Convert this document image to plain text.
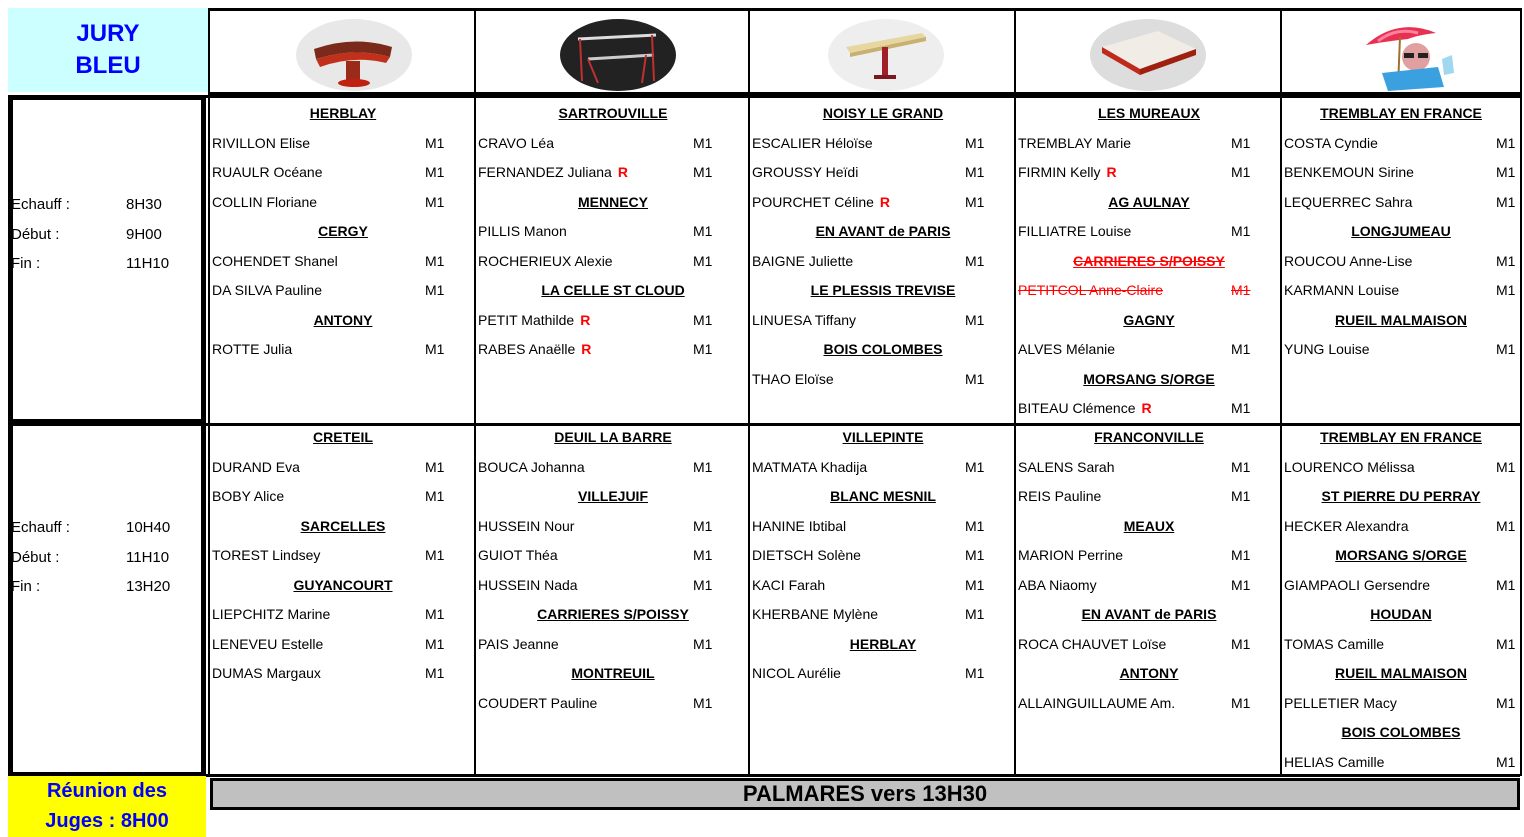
JURY
BLEU
Echauff :	8H30
Début :	9H00
Fin :	11H10
HERBLAY
RIVILLON Elise	M1
RUAULR Océane	M1
COLLIN Floriane	M1
CERGY
COHENDET Shanel	M1
DA SILVA Pauline	M1
ANTONY
ROTTE Julia	M1
SARTROUVILLE
CRAVO Léa	M1
FERNANDEZ Juliana R	M1
MENNECY
PILLIS Manon	M1
ROCHERIEUX Alexie	M1
LA CELLE ST CLOUD
PETIT Mathilde R	M1
RABES Anaëlle R	M1
NOISY LE GRAND
ESCALIER Héloïse	M1
GROUSSY Heïdi	M1
POURCHET Céline R	M1
EN AVANT de PARIS
BAIGNE Juliette	M1
LE PLESSIS TREVISE
LINUESA Tiffany	M1
BOIS COLOMBES
THAO Eloïse	M1
LES MUREAUX
TREMBLAY Marie	M1
FIRMIN Kelly R	M1
AG AULNAY
FILLIATRE Louise	M1
CARRIERES S/POISSY
PETITCOL Anne-Claire	M1
GAGNY
ALVES Mélanie	M1
MORSANG S/ORGE
BITEAU Clémence R	M1
TREMBLAY EN FRANCE
COSTA Cyndie	M1
BENKEMOUN Sirine	M1
LEQUERREC Sahra	M1
LONGJUMEAU
ROUCOU Anne-Lise	M1
KARMANN Louise	M1
RUEIL MALMAISON
YUNG Louise	M1
Echauff :	10H40
Début :	11H10
Fin :	13H20
CRETEIL
DURAND Eva	M1
BOBY Alice	M1
SARCELLES
TOREST Lindsey	M1
GUYANCOURT
LIEPCHITZ Marine	M1
LENEVEU Estelle	M1
DUMAS Margaux	M1
DEUIL LA BARRE
BOUCA Johanna	M1
VILLEJUIF
HUSSEIN Nour	M1
GUIOT Théa	M1
HUSSEIN Nada	M1
CARRIERES S/POISSY
PAIS Jeanne	M1
MONTREUIL
COUDERT Pauline	M1
VILLEPINTE
MATMATA Khadija	M1
BLANC MESNIL
HANINE Ibtibal	M1
DIETSCH Solène	M1
KACI Farah	M1
KHERBANE Mylène	M1
HERBLAY
NICOL Aurélie	M1
FRANCONVILLE
SALENS Sarah	M1
REIS Pauline	M1
MEAUX
MARION Perrine	M1
ABA Niaomy	M1
EN AVANT de PARIS
ROCA CHAUVET Loïse	M1
ANTONY
ALLAINGUILLAUME Am.	M1
TREMBLAY EN FRANCE
LOURENCO Mélissa	M1
ST PIERRE DU PERRAY
HECKER Alexandra	M1
MORSANG S/ORGE
GIAMPAOLI Gersendre	M1
HOUDAN
TOMAS Camille	M1
RUEIL MALMAISON
PELLETIER Macy	M1
BOIS COLOMBES
HELIAS Camille	M1
Réunion des
Juges : 8H00
PALMARES vers 13H30
